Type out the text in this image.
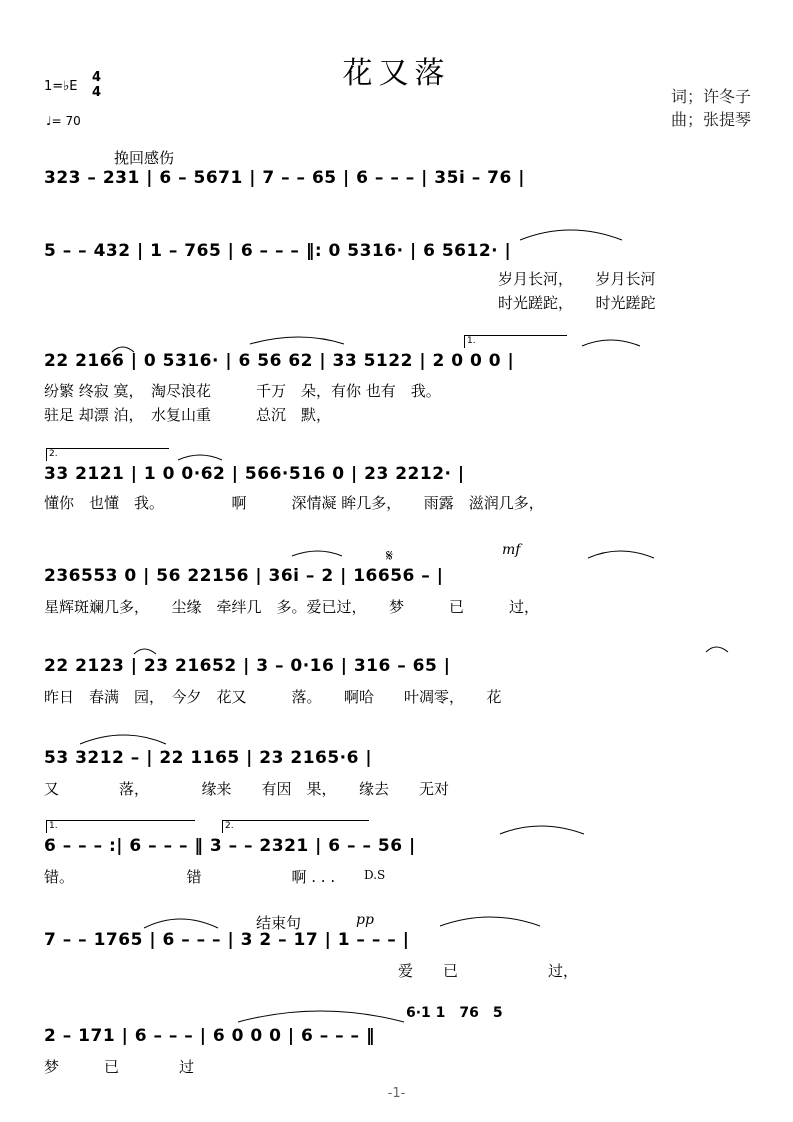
花又落
1=♭E
4
4
♩= 70
词；许冬子
曲；张提琴
挽回感伤
323 – 231 | 6 – 5671 | 7 – – 65 | 6 – – – | 35i – 76 |
5 – – 432 | 1 – 765 | 6 – – – ‖: 0 5316· | 6 5612· |
岁月长河，　　岁月长河
时光蹉跎，　　时光蹉跎
1.
22 2166 | 0 5316· | 6 56 62 | 33 5122 | 2 0 0 0 |
纷繁 终寂 寞，　淘尽浪花　　　千万　朵，有你 也有　我。
驻足 却漂 泊，　水复山重　　　总沉　默，
2.
33 2121 | 1 0 0·62 | 566·516 0 | 23 2212· |
懂你　也懂　我。　　　　　啊　　　深情凝 眸几多，　　雨露　滋润几多，
𝄋	mf
236553 0 | 56 22156 | 36i – 2 | 16656 – |
星辉斑斓几多，　　尘缘　牵绊几　多。爱已过，　　梦　　　已　　　过，
22 2123 | 23 21652 | 3 – 0·16 | 316 – 65 |
昨日　春满　园，　今夕　花又　　　落。　　啊哈　　叶凋零，　　花
53 3212 – | 22 1165 | 23 2165·6 |
又　　　　落，　　　　缘来　　有因　果，　　缘去　　无对
1.	2.
6 – – – :| 6 – – – ‖ 3 – – 2321 | 6 – – 56 |
错。　　　　　　　　错　　　　　　啊 . . . D.S
结束句	pp
7 – – 1765 | 6 – – – | 3 2 – 17 | 1 – – – |
爱　　已　　　　　　过，
6·1 1　76　5
2 – 171 | 6 – – – | 6 0 0 0 | 6 – – – ‖
梦　　　已　　　　过
-1-
